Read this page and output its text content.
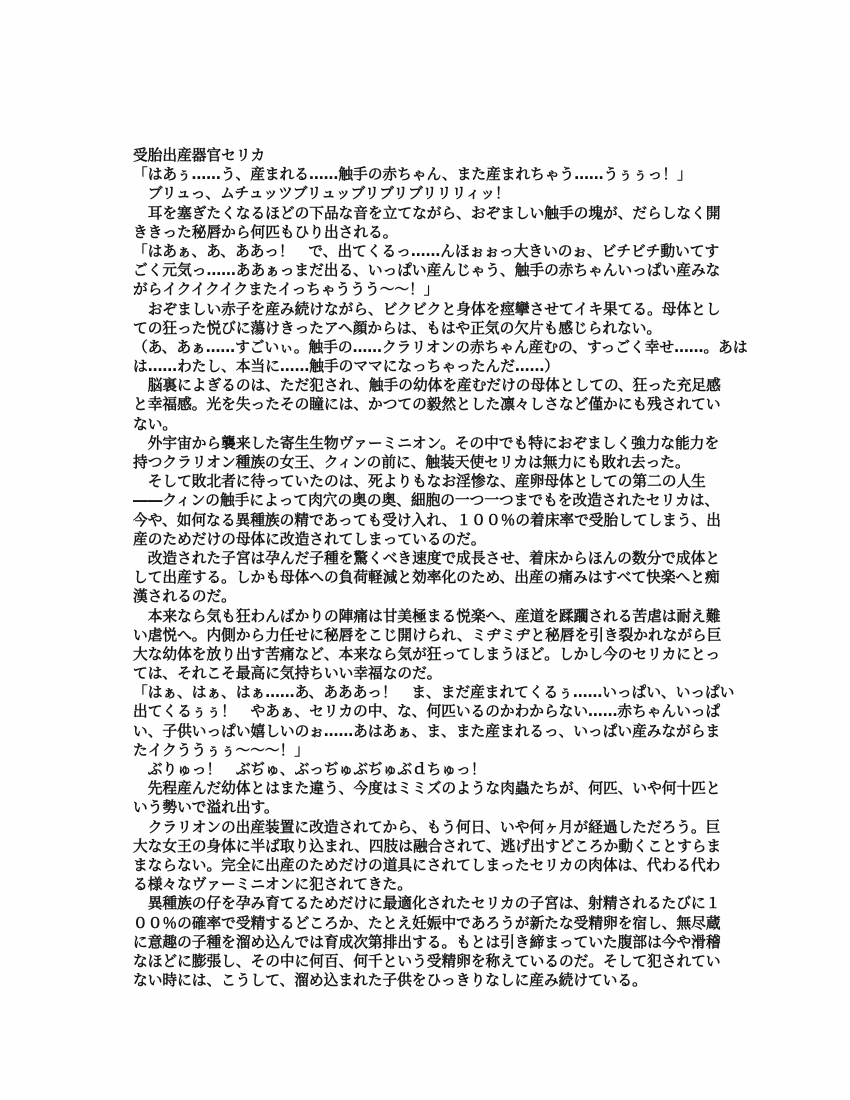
受胎出産器官セリカ
「はあぅ……う、産まれる……触手の赤ちゃん、また産まれちゃう……うぅぅっ！」
　ブリュっ、ムチュッツブリュッブリブリブリリリィッ！
　耳を塞ぎたくなるほどの下品な音を立てながら、おぞましい触手の塊が、だらしなく開
ききった秘唇から何匹もひり出される。
「はあぁ、あ、ああっ！　で、出てくるっ……んほぉぉっ大きいのぉ、ビチビチ動いてす
ごく元気っ……ああぁっまだ出る、いっぱい産んじゃう、触手の赤ちゃんいっぱい産みな
がらイクイクイクまたイっちゃううう～～！」
　おぞましい赤子を産み続けながら、ビクビクと身体を痙攣させてイキ果てる。母体とし
ての狂った悦びに蕩けきったアヘ顔からは、もはや正気の欠片も感じられない。
（あ、あぁ……すごいぃ。触手の……クラリオンの赤ちゃん産むの、すっごく幸せ……。あは
は……わたし、本当に……触手のママになっちゃったんだ……）
　脳裏によぎるのは、ただ犯され、触手の幼体を産むだけの母体としての、狂った充足感
と幸福感。光を失ったその瞳には、かつての毅然とした凛々しさなど僅かにも残されてい
ない。
　外宇宙から襲来した寄生生物ヴァーミニオン。その中でも特におぞましく強力な能力を
持つクラリオン種族の女王、クィンの前に、触装天使セリカは無力にも敗れ去った。
　そして敗北者に待っていたのは、死よりもなお淫惨な、産卵母体としての第二の人生
――クィンの触手によって肉穴の奥の奥、細胞の一つ一つまでもを改造されたセリカは、
今や、如何なる異種族の精であっても受け入れ、１００％の着床率で受胎してしまう、出
産のためだけの母体に改造されてしまっているのだ。
　改造された子宮は孕んだ子種を驚くべき速度で成長させ、着床からほんの数分で成体と
して出産する。しかも母体への負荷軽減と効率化のため、出産の痛みはすべて快楽へと痴
漢されるのだ。
　本来なら気も狂わんばかりの陣痛は甘美極まる悦楽へ、産道を蹂躙される苦虐は耐え難
い虐悦へ。内側から力任せに秘唇をこじ開けられ、ミヂミヂと秘唇を引き裂かれながら巨
大な幼体を放り出す苦痛など、本来なら気が狂ってしまうほど。しかし今のセリカにとっ
ては、それこそ最高に気持ちいい幸福なのだ。
「はぁ、はぁ、はぁ……あ、あああっ！　ま、まだ産まれてくるぅ……いっぱい、いっぱい
出てくるぅぅ！　やあぁ、セリカの中、な、何匹いるのかわからない……赤ちゃんいっぱ
い、子供いっぱい嬉しいのぉ……あはあぁ、ま、また産まれるっ、いっぱい産みながらま
たイクううぅぅ～～～！」
　ぶりゅっ！　ぶぢゅ、ぶっぢゅぶぢゅぶｄちゅっ！
　先程産んだ幼体とはまた違う、今度はミミズのような肉蟲たちが、何匹、いや何十匹と
いう勢いで溢れ出す。
　クラリオンの出産装置に改造されてから、もう何日、いや何ヶ月が経過しただろう。巨
大な女王の身体に半ば取り込まれ、四肢は融合されて、逃げ出すどころか動くことすらま
まならない。完全に出産のためだけの道具にされてしまったセリカの肉体は、代わる代わ
る様々なヴァーミニオンに犯されてきた。
　異種族の仔を孕み育てるためだけに最適化されたセリカの子宮は、射精されるたびに１
００％の確率で受精するどころか、たとえ妊娠中であろうが新たな受精卵を宿し、無尽蔵
に意趣の子種を溜め込んでは育成次第排出する。もとは引き締まっていた腹部は今や滑稽
なほどに膨張し、その中に何百、何千という受精卵を称えているのだ。そして犯されてい
ない時には、こうして、溜め込まれた子供をひっきりなしに産み続けている。
